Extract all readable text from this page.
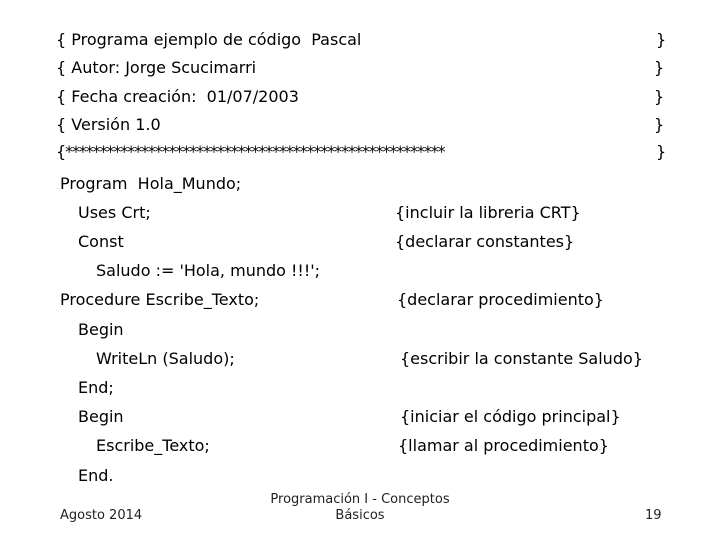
{ Programa ejemplo de código  Pascal	}
{ Autor: Jorge Scucimarri	}
{ Fecha creación:  01/07/2003	}
{ Versión 1.0	}
{*******************************************************	}
Program  Hola_Mundo;
Uses Crt;	{incluir la libreria CRT}
Const	{declarar constantes}
Saludo := 'Hola, mundo !!!';
Procedure Escribe_Texto;	{declarar procedimiento}
Begin
WriteLn (Saludo);	{escribir la constante Saludo}
End;
Begin	{iniciar el código principal}
Escribe_Texto;	{llamar al procedimiento}
End.
Agosto 2014
Programación I - Conceptos
Básicos	19
